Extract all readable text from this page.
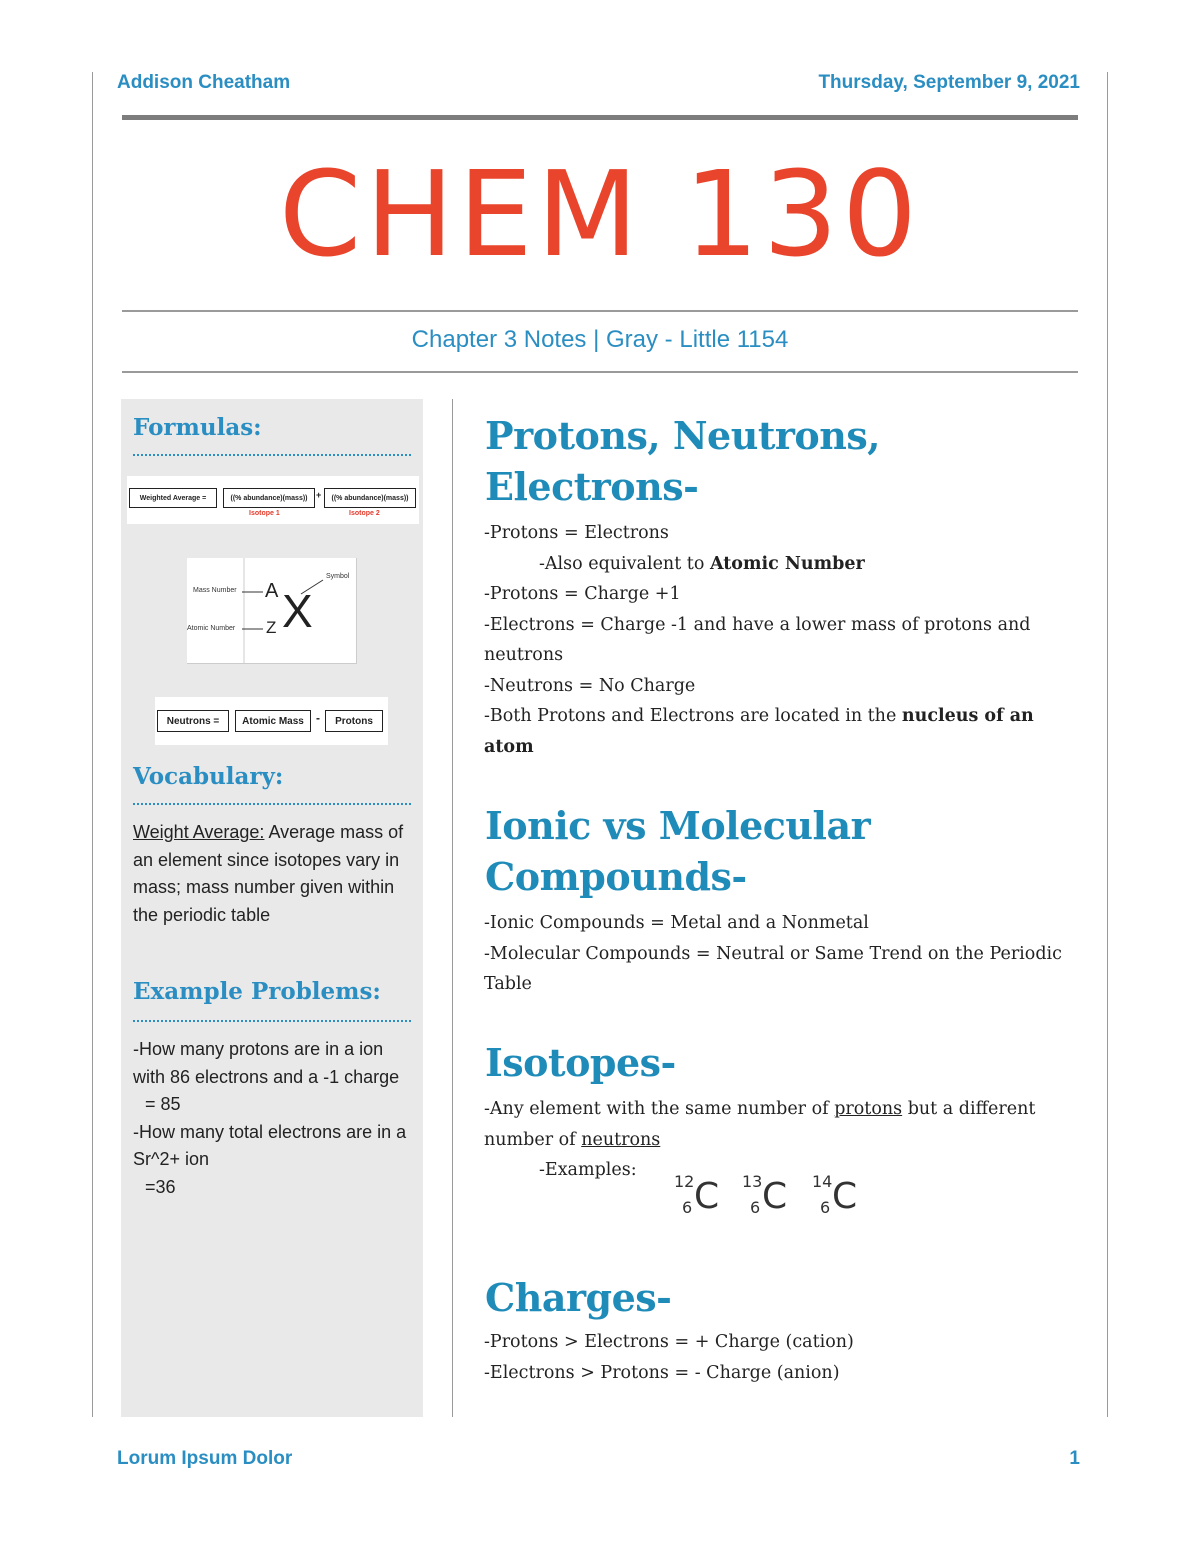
Addison Cheatham	Thursday, September 9, 2021
CHEM 130
Chapter 3 Notes | Gray - Little 1154
Formulas:
Weighted Average =	((% abundance)(mass)) +	((% abundance)(mass))
Isotope 1	Isotope 2
Mass Number
Atomic Number
Symbol
A
Z X
Neutrons =	Atomic Mass	-	Protons
Vocabulary:
Weight Average: Average mass of an element since isotopes vary in mass; mass number given within the periodic table
Example Problems:
-How many protons are in a ion with 86 electrons and a -1 charge
= 85
-How many total electrons are in a Sr^2+ ion
=36
Protons, Neutrons,
Electrons-
-Protons = Electrons
-Also equivalent to Atomic Number
-Protons = Charge +1
-Electrons = Charge -1 and have a lower mass of protons and neutrons
-Neutrons = No Charge
-Both Protons and Electrons are located in the nucleus of an atom
Ionic vs Molecular
Compounds-
-Ionic Compounds = Metal and a Nonmetal
-Molecular Compounds = Neutral or Same Trend on the Periodic Table
Isotopes-
-Any element with the same number of protons but a different number of neutrons
-Examples:
12
6 C 13
6 C 14
6 C
Charges-
-Protons > Electrons = + Charge (cation)
-Electrons > Protons = - Charge (anion)
Lorum Ipsum Dolor	1
